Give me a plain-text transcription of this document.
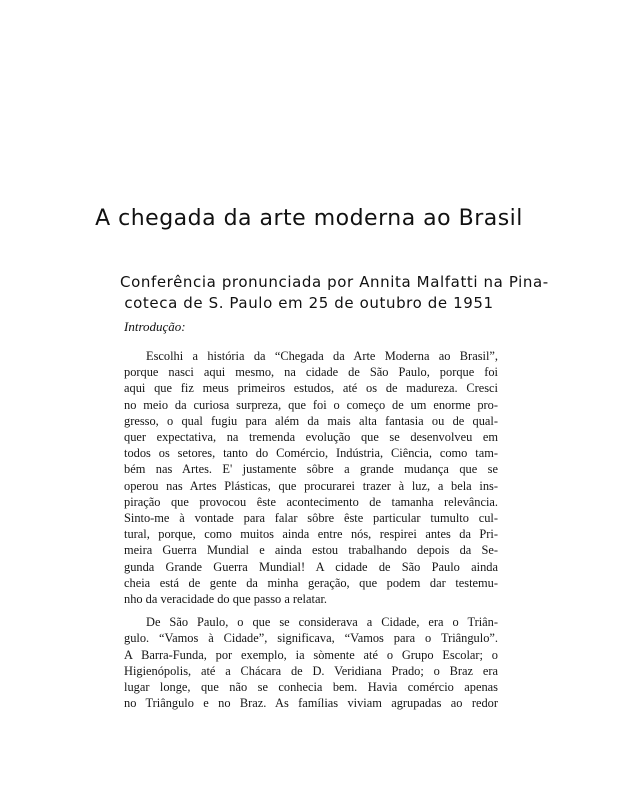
A chegada da arte moderna ao Brasil
Conferência pronunciada por Annita Malfatti na Pina-
coteca de S. Paulo em 25 de outubro de 1951
Introdução:
Escolhi a história da “Chegada da Arte Moderna ao Brasil”,
porque nasci aqui mesmo, na cidade de São Paulo, porque foi
aqui que fiz meus primeiros estudos, até os de madureza. Cresci
no meio da curiosa surpreza, que foi o começo de um enorme pro-
gresso, o qual fugiu para além da mais alta fantasia ou de qual-
quer expectativa, na tremenda evolução que se desenvolveu em
todos os setores, tanto do Comércio, Indústria, Ciência, como tam-
bém nas Artes. E' justamente sôbre a grande mudança que se
operou nas Artes Plásticas, que procurarei trazer à luz, a bela ins-
piração que provocou êste acontecimento de tamanha relevância.
Sinto-me à vontade para falar sôbre êste particular tumulto cul-
tural, porque, como muitos ainda entre nós, respirei antes da Pri-
meira Guerra Mundial e ainda estou trabalhando depois da Se-
gunda Grande Guerra Mundial! A cidade de São Paulo ainda
cheia está de gente da minha geração, que podem dar testemu-
nho da veracidade do que passo a relatar.
De São Paulo, o que se considerava a Cidade, era o Triân-
gulo. “Vamos à Cidade”, significava, “Vamos para o Triângulo”.
A Barra-Funda, por exemplo, ia sòmente até o Grupo Escolar; o
Higienópolis, até a Chácara de D. Veridiana Prado; o Braz era
lugar longe, que não se conhecia bem. Havia comércio apenas
no Triângulo e no Braz. As famílias viviam agrupadas ao redor
